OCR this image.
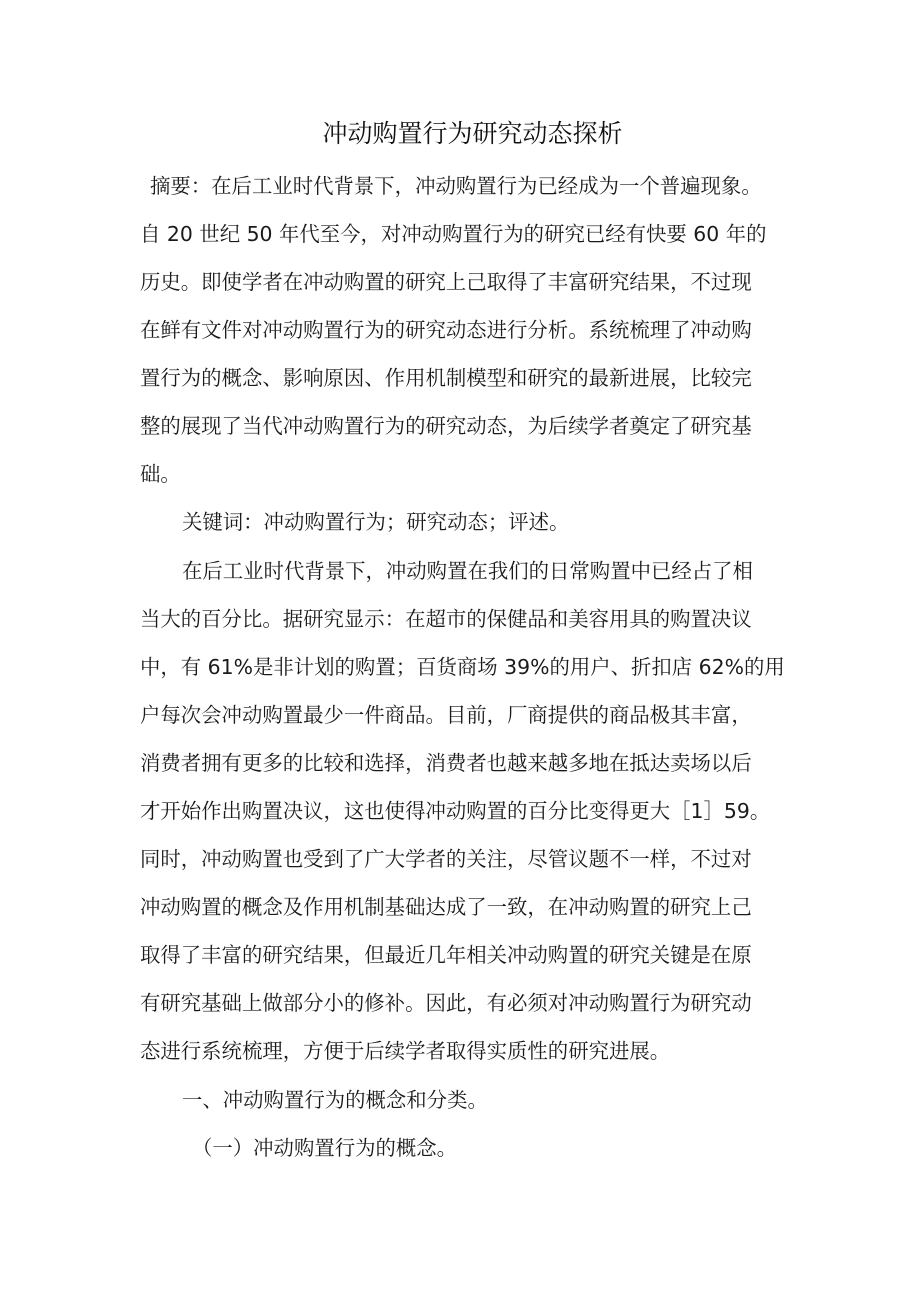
冲动购置行为研究动态探析
摘要：在后工业时代背景下，冲动购置行为已经成为一个普遍现象。
自 20 世纪 50 年代至今，对冲动购置行为的研究已经有快要 60 年的
历史。即使学者在冲动购置的研究上己取得了丰富研究结果，不过现
在鲜有文件对冲动购置行为的研究动态进行分析。系统梳理了冲动购
置行为的概念、影响原因、作用机制模型和研究的最新进展，比较完
整的展现了当代冲动购置行为的研究动态，为后续学者奠定了研究基
础。
关键词：冲动购置行为；研究动态；评述。
在后工业时代背景下，冲动购置在我们的日常购置中已经占了相
当大的百分比。据研究显示：在超市的保健品和美容用具的购置决议
中，有 61%是非计划的购置；百货商场 39%的用户、折扣店 62%的用
户每次会冲动购置最少一件商品。目前，厂商提供的商品极其丰富，
消费者拥有更多的比较和选择，消费者也越来越多地在抵达卖场以后
才开始作出购置决议，这也使得冲动购置的百分比变得更大［1］59。
同时，冲动购置也受到了广大学者的关注，尽管议题不一样，不过对
冲动购置的概念及作用机制基础达成了一致，在冲动购置的研究上己
取得了丰富的研究结果，但最近几年相关冲动购置的研究关键是在原
有研究基础上做部分小的修补。因此，有必须对冲动购置行为研究动
态进行系统梳理，方便于后续学者取得实质性的研究进展。
一、冲动购置行为的概念和分类。
（一）冲动购置行为的概念。
